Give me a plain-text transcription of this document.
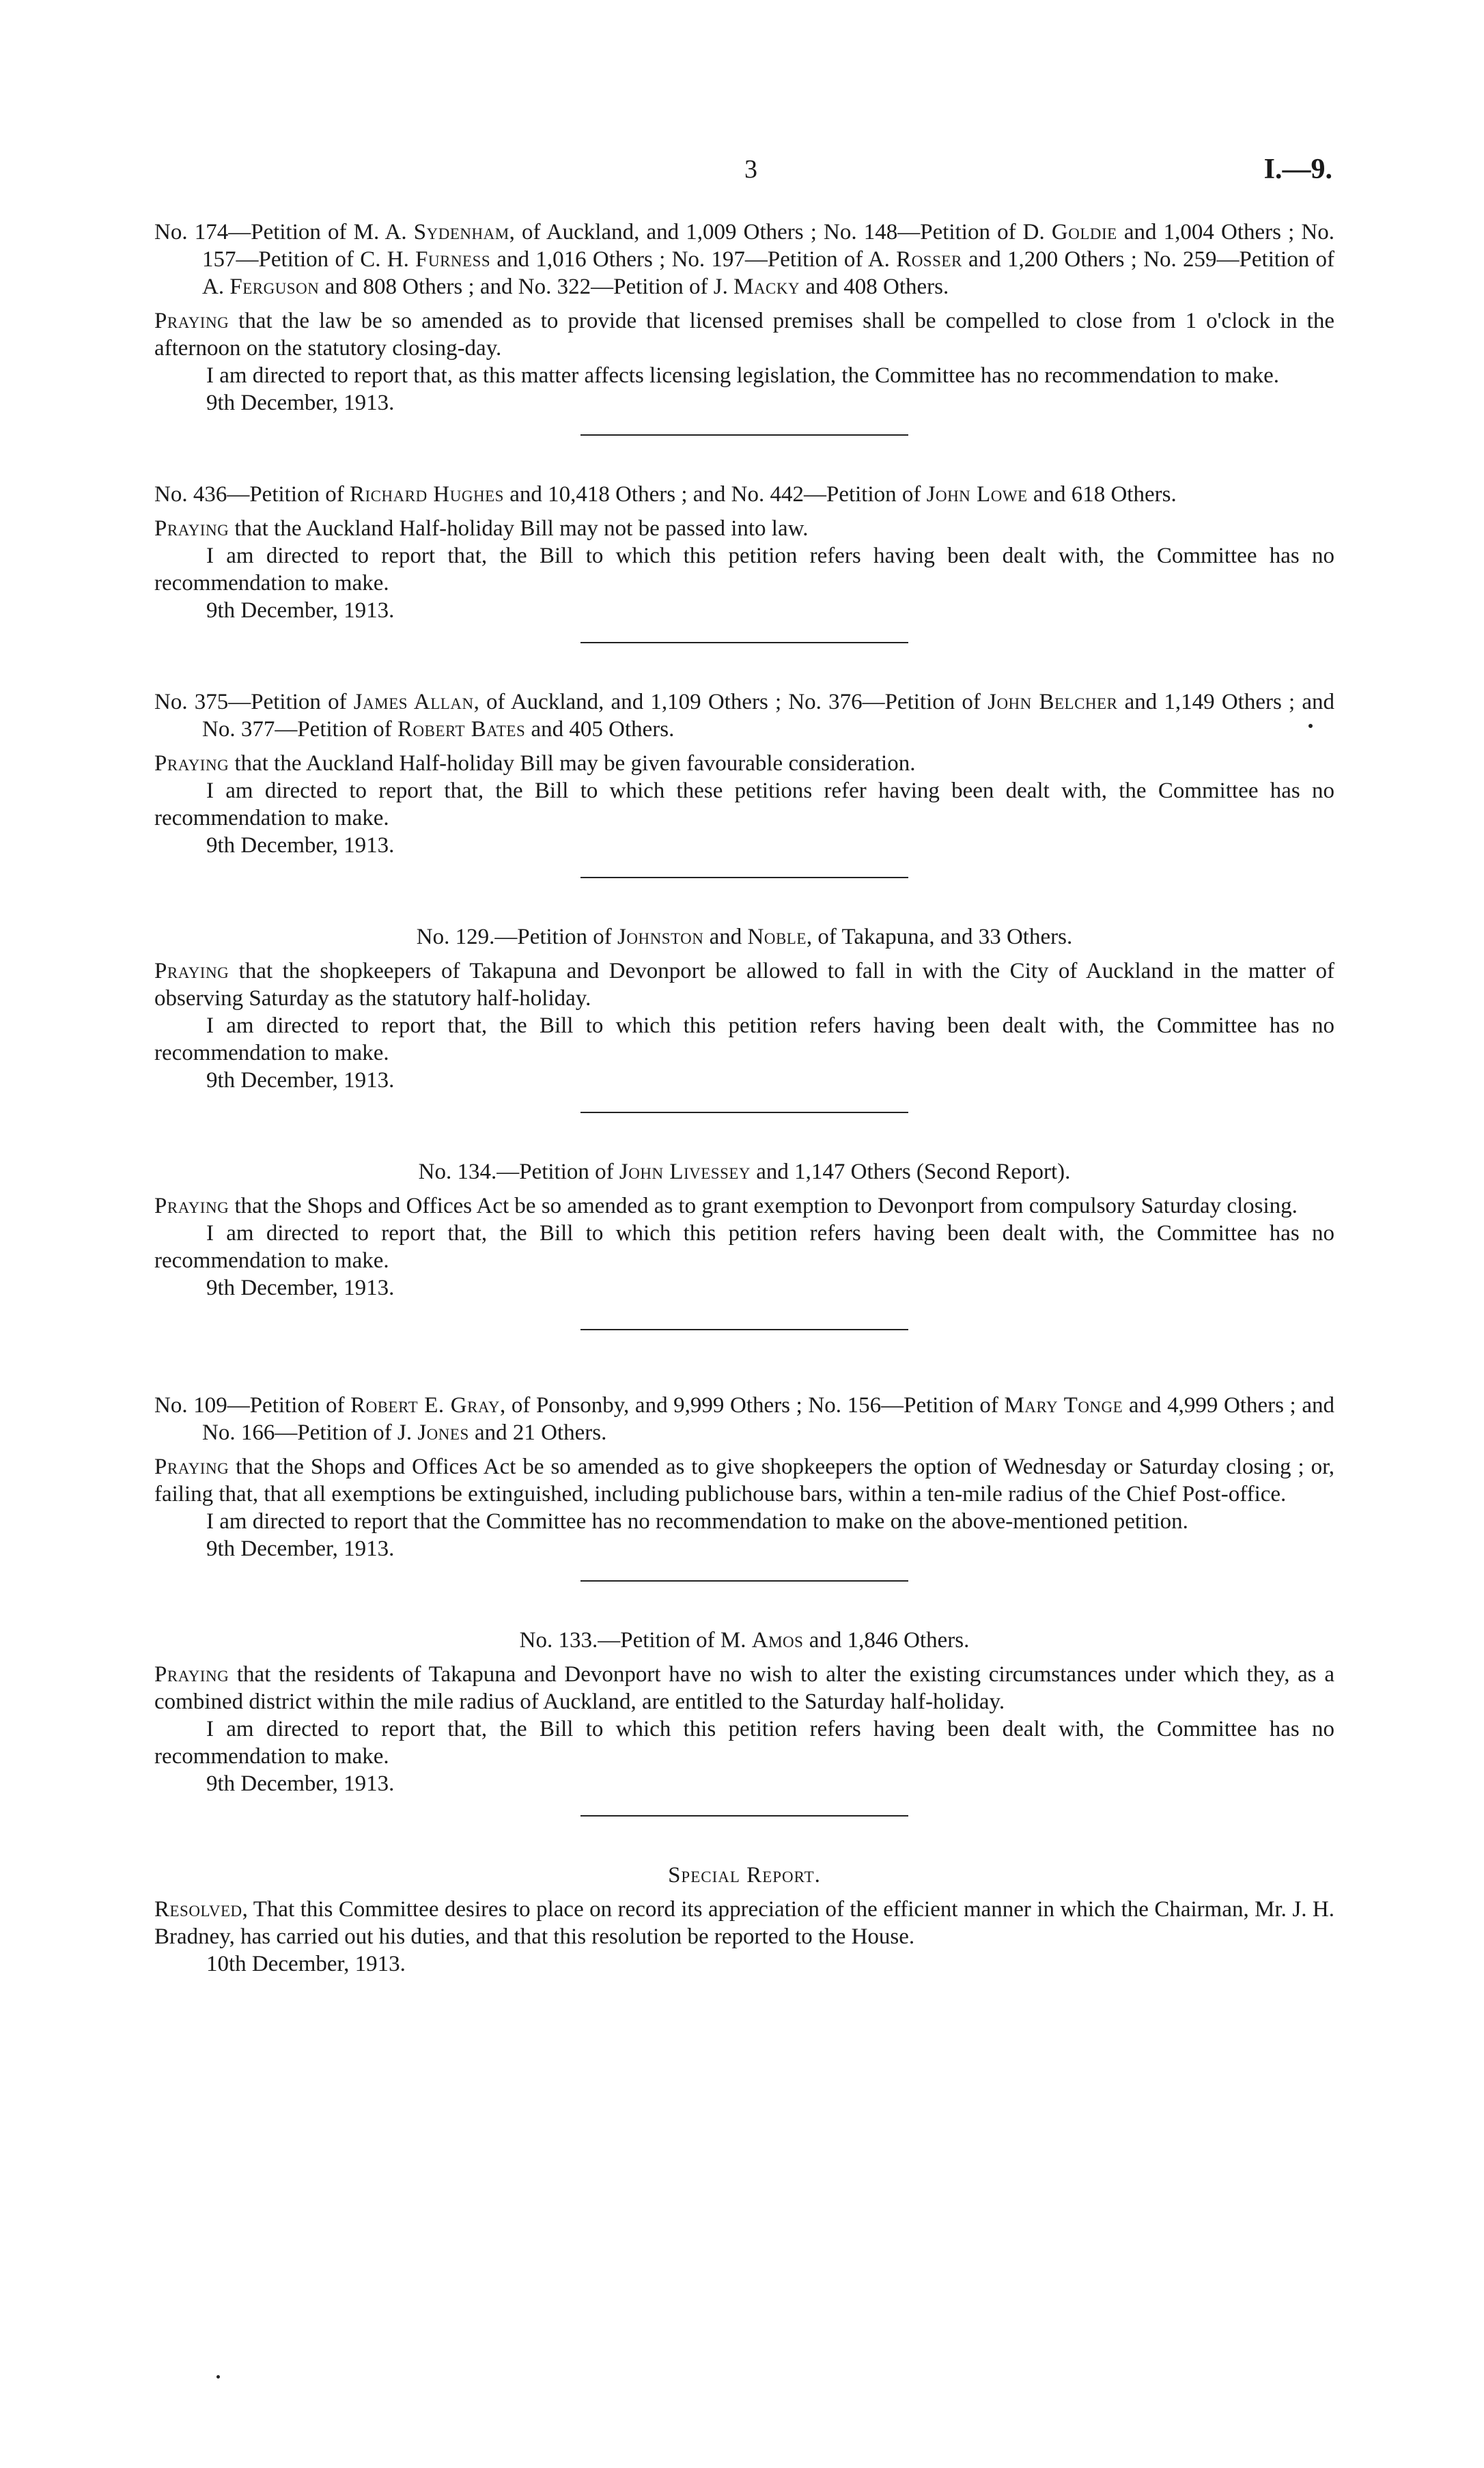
3	I.—9.

No. 174—Petition of M. A. Sydenham, of Auckland, and 1,009 Others ; No. 148—Petition of D. Goldie and 1,004 Others ; No. 157—Petition of C. H. Furness and 1,016 Others ; No. 197—Petition of A. Rosser and 1,200 Others ; No. 259—Petition of A. Ferguson and 808 Others ; and No. 322—Petition of J. Macky and 408 Others.

Praying that the law be so amended as to provide that licensed premises shall be compelled to close from 1 o'clock in the afternoon on the statutory closing-day.

I am directed to report that, as this matter affects licensing legislation, the Committee has no recommendation to make.

9th December, 1913.

No. 436—Petition of Richard Hughes and 10,418 Others ; and No. 442—Petition of John Lowe and 618 Others.

Praying that the Auckland Half-holiday Bill may not be passed into law.

I am directed to report that, the Bill to which this petition refers having been dealt with, the Committee has no recommendation to make.

9th December, 1913.

No. 375—Petition of James Allan, of Auckland, and 1,109 Others ; No. 376—Petition of John Belcher and 1,149 Others ; and No. 377—Petition of Robert Bates and 405 Others.

Praying that the Auckland Half-holiday Bill may be given favourable consideration.

I am directed to report that, the Bill to which these petitions refer having been dealt with, the Committee has no recommendation to make.

9th December, 1913.

No. 129.—Petition of Johnston and Noble, of Takapuna, and 33 Others.

Praying that the shopkeepers of Takapuna and Devonport be allowed to fall in with the City of Auckland in the matter of observing Saturday as the statutory half-holiday.

I am directed to report that, the Bill to which this petition refers having been dealt with, the Committee has no recommendation to make.

9th December, 1913.

No. 134.—Petition of John Livessey and 1,147 Others (Second Report).

Praying that the Shops and Offices Act be so amended as to grant exemption to Devonport from compulsory Saturday closing.

I am directed to report that, the Bill to which this petition refers having been dealt with, the Committee has no recommendation to make.

9th December, 1913.

No. 109—Petition of Robert E. Gray, of Ponsonby, and 9,999 Others ; No. 156—Petition of Mary Tonge and 4,999 Others ; and No. 166—Petition of J. Jones and 21 Others.

Praying that the Shops and Offices Act be so amended as to give shopkeepers the option of Wednesday or Saturday closing ; or, failing that, that all exemptions be extinguished, including publichouse bars, within a ten-mile radius of the Chief Post-office.

I am directed to report that the Committee has no recommendation to make on the above-mentioned petition.

9th December, 1913.

No. 133.—Petition of M. Amos and 1,846 Others.

Praying that the residents of Takapuna and Devonport have no wish to alter the existing circumstances under which they, as a combined district within the mile radius of Auckland, are entitled to the Saturday half-holiday.

I am directed to report that, the Bill to which this petition refers having been dealt with, the Committee has no recommendation to make.

9th December, 1913.

Special Report.

Resolved, That this Committee desires to place on record its appreciation of the efficient manner in which the Chairman, Mr. J. H. Bradney, has carried out his duties, and that this resolution be reported to the House.

10th December, 1913.
